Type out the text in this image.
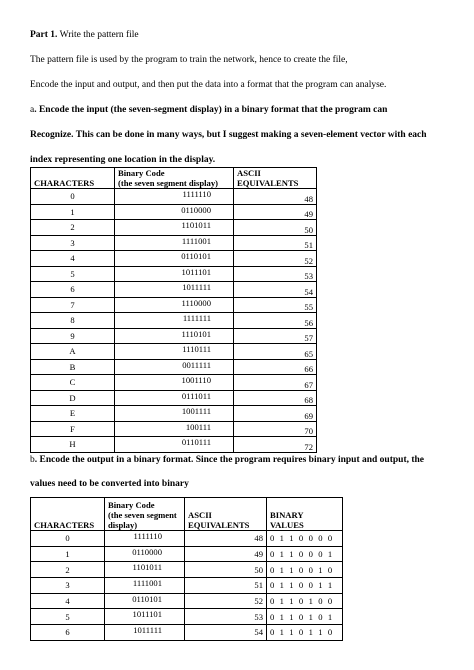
Part 1. Write the pattern file
The pattern file is used by the program to train the network, hence to create the file,
Encode the input and output, and then put the data into a format that the program can analyse.
a. Encode the input (the seven-segment display) in a binary format that the program can
Recognize. This can be done in many ways, but I suggest making a seven-element vector with each
index representing one location in the display.
CHARACTERS	Binary Code
(the seven segment display)	ASCII
EQUIVALENTS
0	1111110	48
1	0110000	49
2	1101011	50
3	1111001	51
4	0110101	52
5	1011101	53
6	1011111	54
7	1110000	55
8	1111111	56
9	1110101	57
A	1110111	65
B	0011111	66
C	1001110	67
D	0111011	68
E	1001111	69
F	100111	70
H	0110111	72
b. Encode the output in a binary format. Since the program requires binary input and output, the
values need to be converted into binary
CHARACTERS	Binary Code
(the seven segment
display)	ASCII
EQUIVALENTS	BINARY
VALUES
0	1111110	48	0 1 1 0 0 0 0
1	0110000	49	0 1 1 0 0 0 1
2	1101011	50	0 1 1 0 0 1 0
3	1111001	51	0 1 1 0 0 1 1
4	0110101	52	0 1 1 0 1 0 0
5	1011101	53	0 1 1 0 1 0 1
6	1011111	54	0 1 1 0 1 1 0
